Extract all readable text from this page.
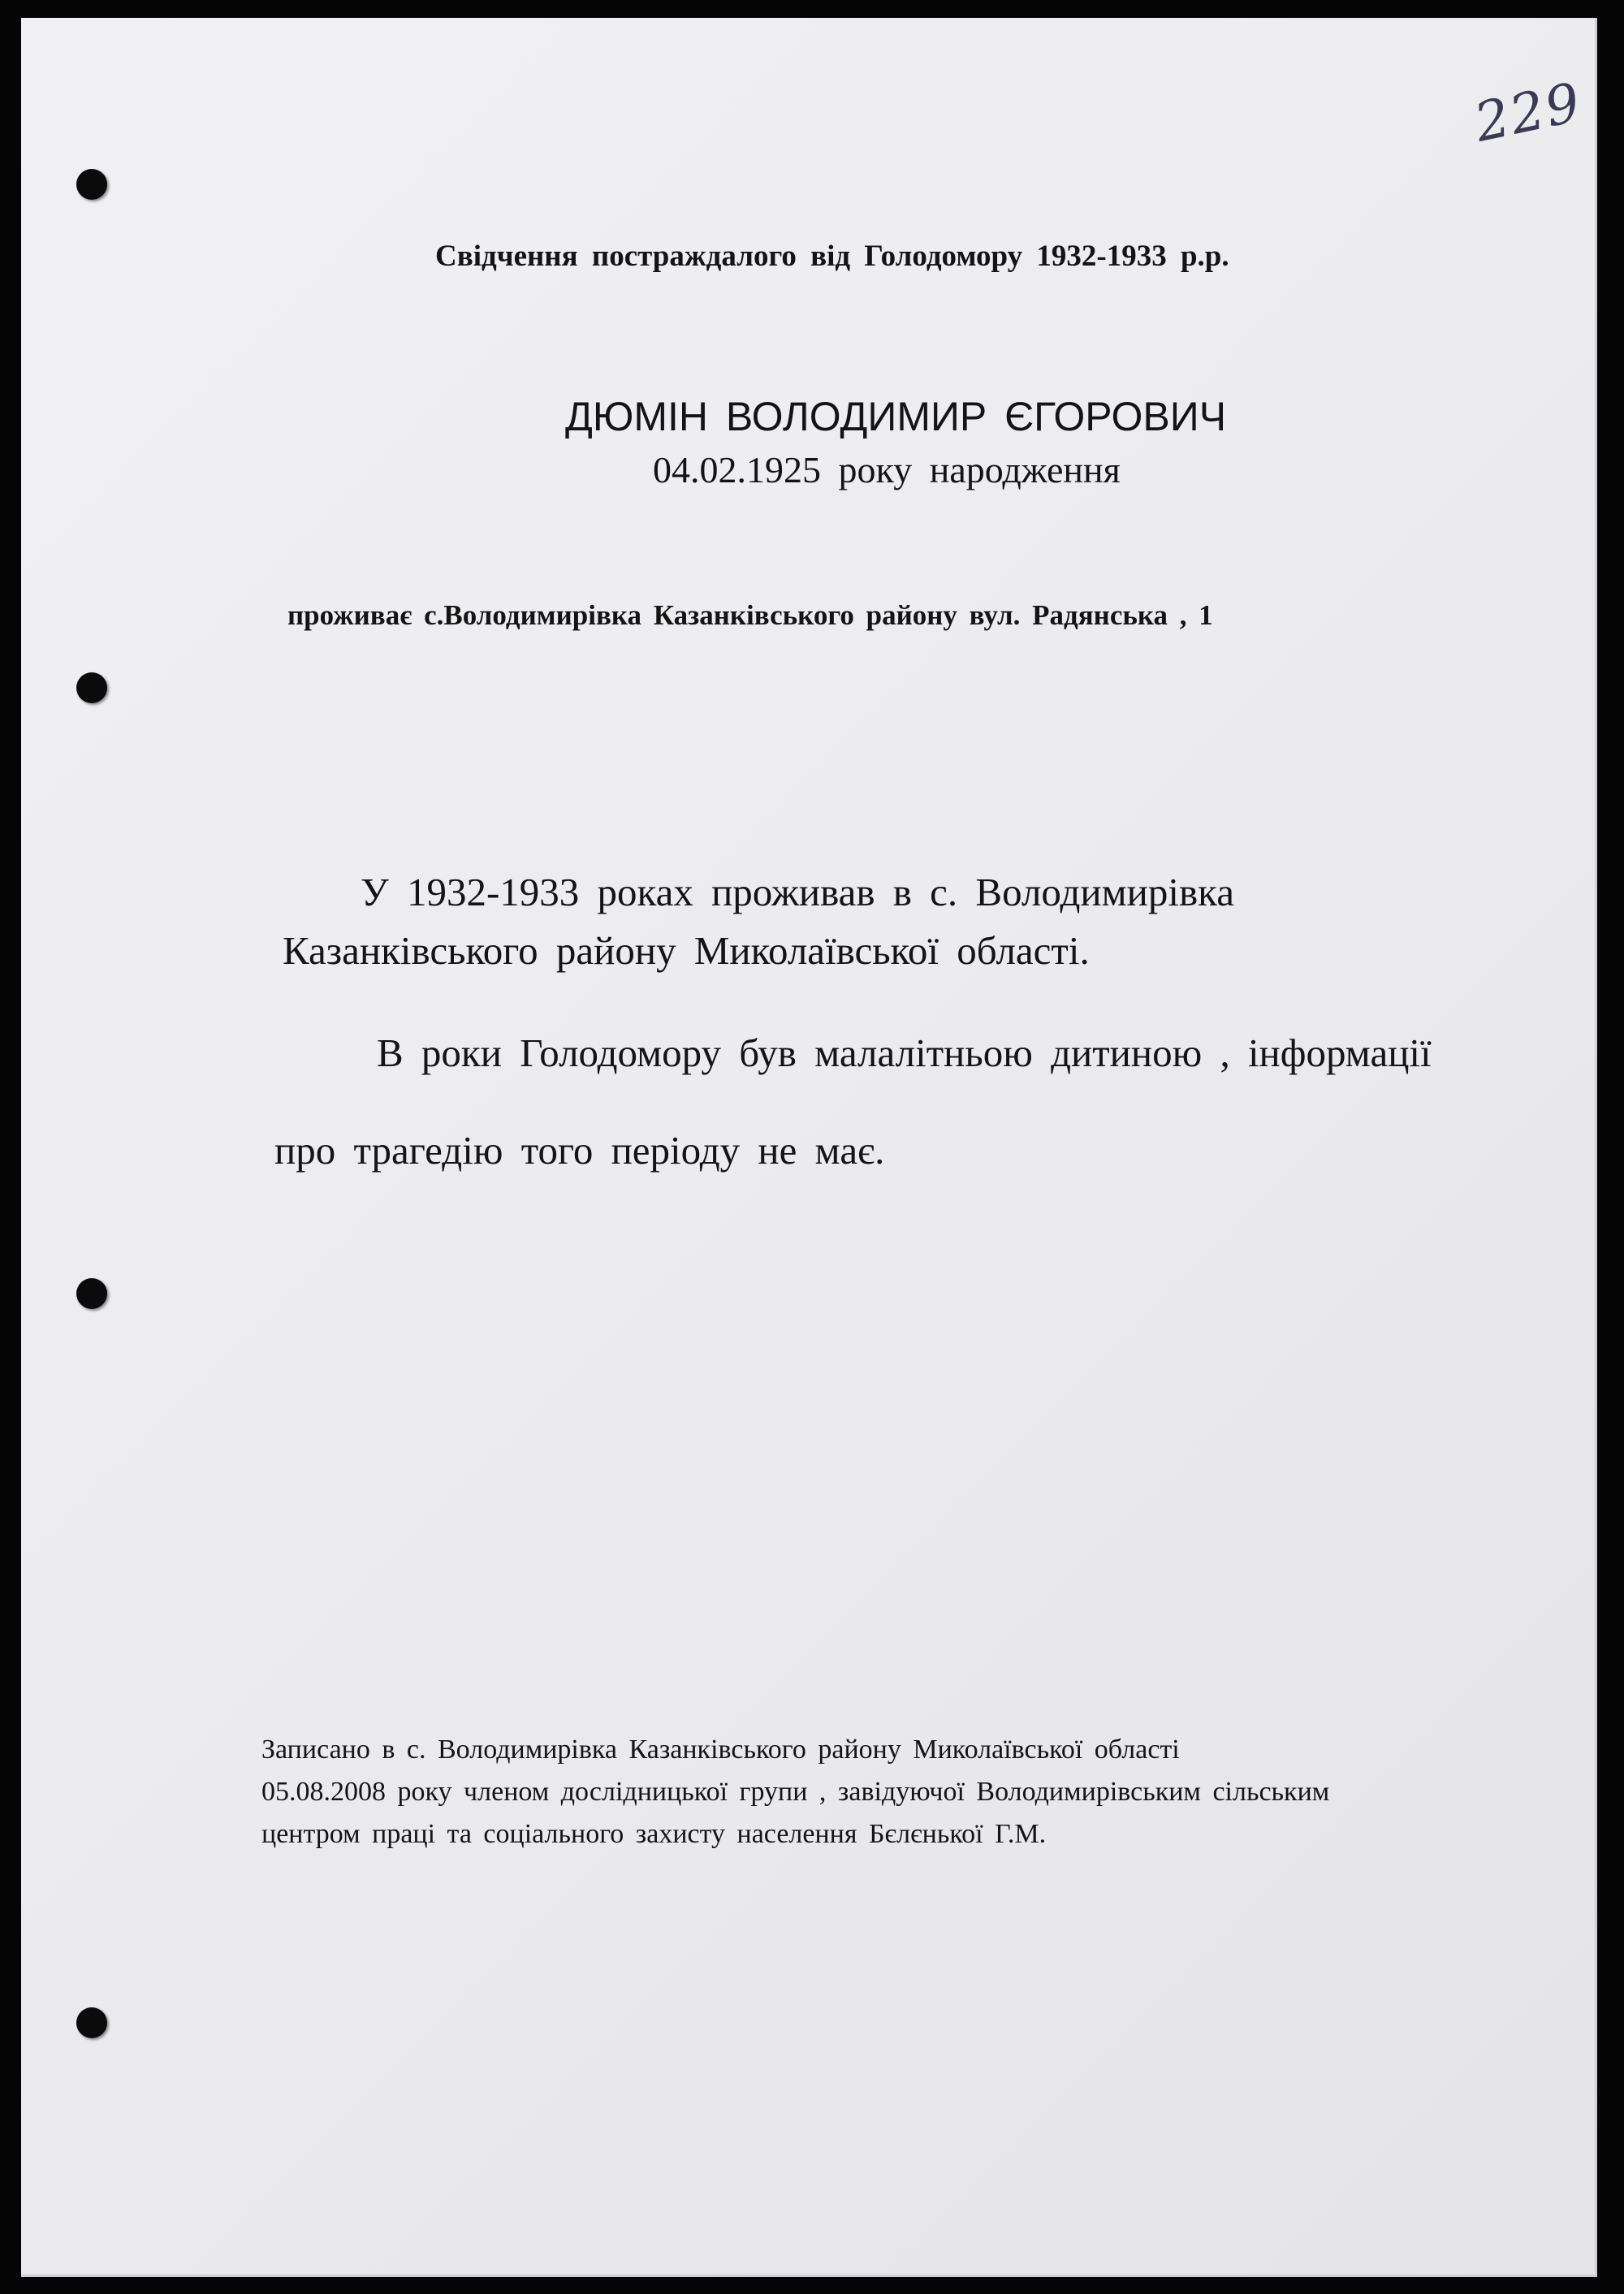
229

Свідчення постраждалого від Голодомору 1932-1933 р.р.

ДЮМІН ВОЛОДИМИР ЄГОРОВИЧ

04.02.1925 року народження

проживає с.Володимирівка Казанківського району вул. Радянська , 1

У 1932-1933 роках проживав в с. Володимирівка

Казанківського району Миколаївської області.

В роки Голодомору був малалітньою дитиною , інформації

про трагедію того періоду не має.

Записано в с. Володимирівка Казанківського району Миколаївської області

05.08.2008 року членом дослідницької групи , завідуючої Володимирівським сільським

центром праці та соціального захисту населення Бєлєнької Г.М.
